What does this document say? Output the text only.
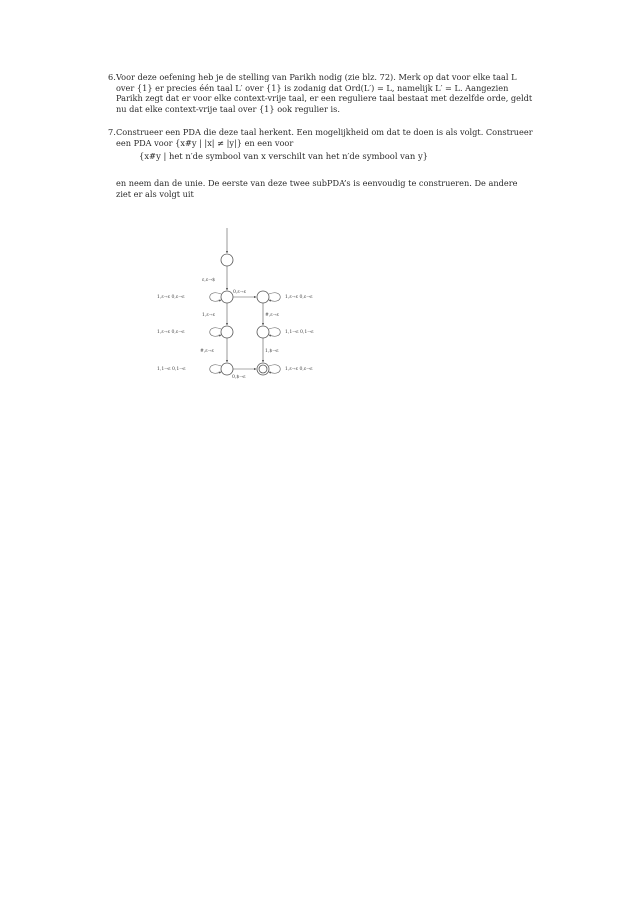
6. Voor deze oefening heb je de stelling van Parikh nodig (zie blz. 72). Merk op dat voor elke taal L
over {1} er precies één taal L′ over {1} is zodanig dat Ord(L′) = L, namelijk L′ = L. Aangezien
Parikh zegt dat er voor elke context-vrije taal, er een reguliere taal bestaat met dezelfde orde, geldt
nu dat elke context-vrije taal over {1} ook regulier is.
7. Construeer een PDA die deze taal herkent. Een mogelijkheid om dat te doen is als volgt. Construeer
een PDA voor {x#y | |x| ≠ |y|} en een voor
{x#y | het n′de symbool van x verschilt van het n′de symbool van y}
en neem dan de unie. De eerste van deze twee subPDA’s is eenvoudig te construeren. De andere
ziet er als volgt uit
ε,ε→$
1,ε→ε 0,ε→ε
0,ε→ε
1,ε→ε 0,ε→ε
1,ε→ε	#,ε→ε
1,ε→ε 0,ε→ε	1,1→ε 0,1→ε
#,ε→ε	1,$→ε
1,1→ε 0,1→ε
0,$→ε
1,ε→ε 0,ε→ε
